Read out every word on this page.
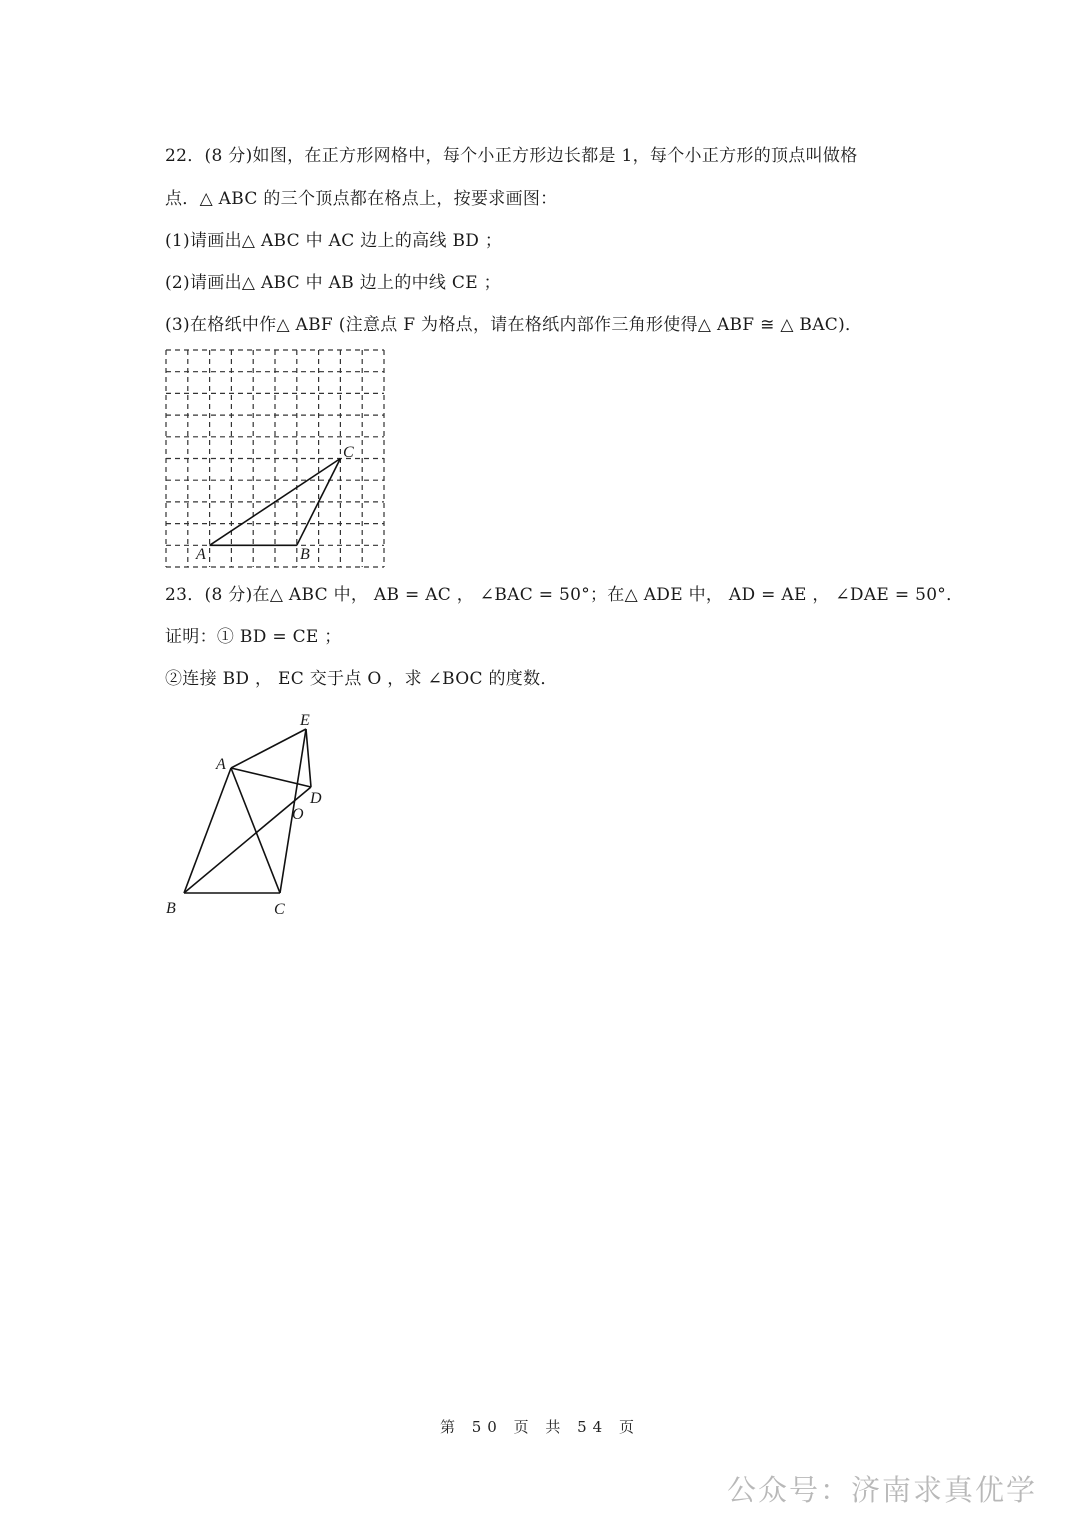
22．(8 分)如图，在正方形网格中，每个小正方形边长都是 1，每个小正方形的顶点叫做格
点．△ ABC 的三个顶点都在格点上，按要求画图：
(1)请画出△ ABC 中 AC 边上的高线 BD ；
(2)请画出△ ABC 中 AB 边上的中线 CE ；
(3)在格纸中作△ ABF (注意点 F 为格点，请在格纸内部作三角形使得△ ABF ≅ △ BAC)．
A	B
C
23．(8 分)在△ ABC 中， AB = AC ， ∠BAC = 50°；在△ ADE 中， AD = AE ， ∠DAE = 50°．
证明：① BD = CE ；
②连接 BD ， EC 交于点 O ，求 ∠BOC 的度数．
E
A
D
O
B	C
第 50 页 共 54 页
公众号：济南求真优学
